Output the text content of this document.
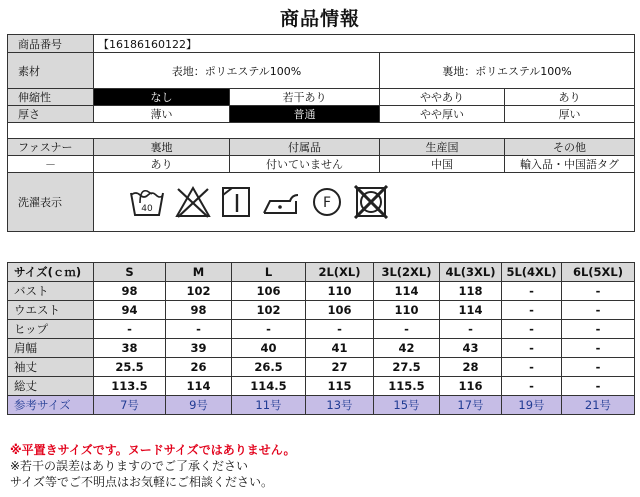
商品情報
商品番号	【16186160122】			
素材	表地：ポリエステル100%		裏地：ポリエステル100%	
伸縮性	なし	若干あり	ややあり	あり
厚さ	薄い	普通	やや厚い	厚い

ファスナー	裏地	付属品	生産国	その他
－	あり	付いていません	中国	輸入品・中国語タグ
洗濯表示	40 F			
サイズ(ｃｍ)	S	M	L	2L(XL)	3L(2XL)	4L(3XL)	5L(4XL)	6L(5XL)
バスト	98	102	106	110	114	118	-	-
ウエスト	94	98	102	106	110	114	-	-
ヒップ	-	-	-	-	-	-	-	-
肩幅	38	39	40	41	42	43	-	-
袖丈	25.5	26	26.5	27	27.5	28	-	-
総丈	113.5	114	114.5	115	115.5	116	-	-
参考サイズ	7号	9号	11号	13号	15号	17号	19号	21号
※平置きサイズです。ヌードサイズではありません。
※若干の誤差はありますのでご了承ください
サイズ等でご不明点はお気軽にご相談ください。
